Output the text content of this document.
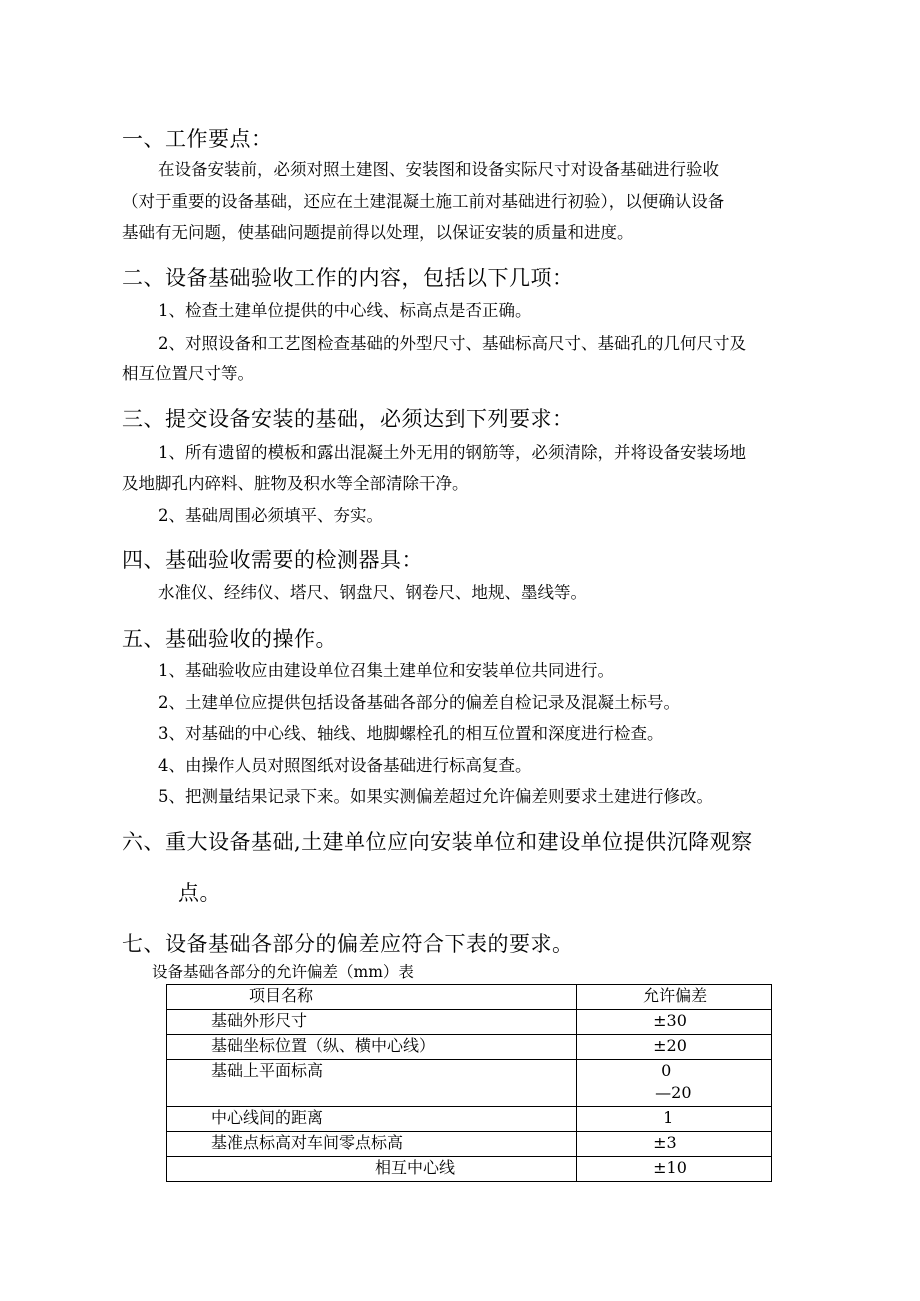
一、工作要点：
在设备安装前，必须对照土建图、安装图和设备实际尺寸对设备基础进行验收
（对于重要的设备基础，还应在土建混凝土施工前对基础进行初验），以便确认设备
基础有无问题，使基础问题提前得以处理，以保证安装的质量和进度。
二、设备基础验收工作的内容，包括以下几项：
1、检查土建单位提供的中心线、标高点是否正确。
2、对照设备和工艺图检查基础的外型尺寸、基础标高尺寸、基础孔的几何尺寸及
相互位置尺寸等。
三、提交设备安装的基础，必须达到下列要求：
1、所有遗留的模板和露出混凝土外无用的钢筋等，必须清除，并将设备安装场地
及地脚孔内碎料、脏物及积水等全部清除干净。
2、基础周围必须填平、夯实。
四、基础验收需要的检测器具：
水准仪、经纬仪、塔尺、钢盘尺、钢卷尺、地规、墨线等。
五、基础验收的操作。
1、基础验收应由建设单位召集土建单位和安装单位共同进行。
2、土建单位应提供包括设备基础各部分的偏差自检记录及混凝土标号。
3、对基础的中心线、轴线、地脚螺栓孔的相互位置和深度进行检查。
4、由操作人员对照图纸对设备基础进行标高复查。
5、把测量结果记录下来。如果实测偏差超过允许偏差则要求土建进行修改。
六、重大设备基础,土建单位应向安装单位和建设单位提供沉降观察
点。
七、设备基础各部分的偏差应符合下表的要求。
设备基础各部分的允许偏差（mm）表
项目名称	允许偏差
基础外形尺寸	±30
基础坐标位置（纵、横中心线）	±20
基础上平面标高	0
—20

中心线间的距离	1
基准点标高对车间零点标高	±3
相互中心线	±10
